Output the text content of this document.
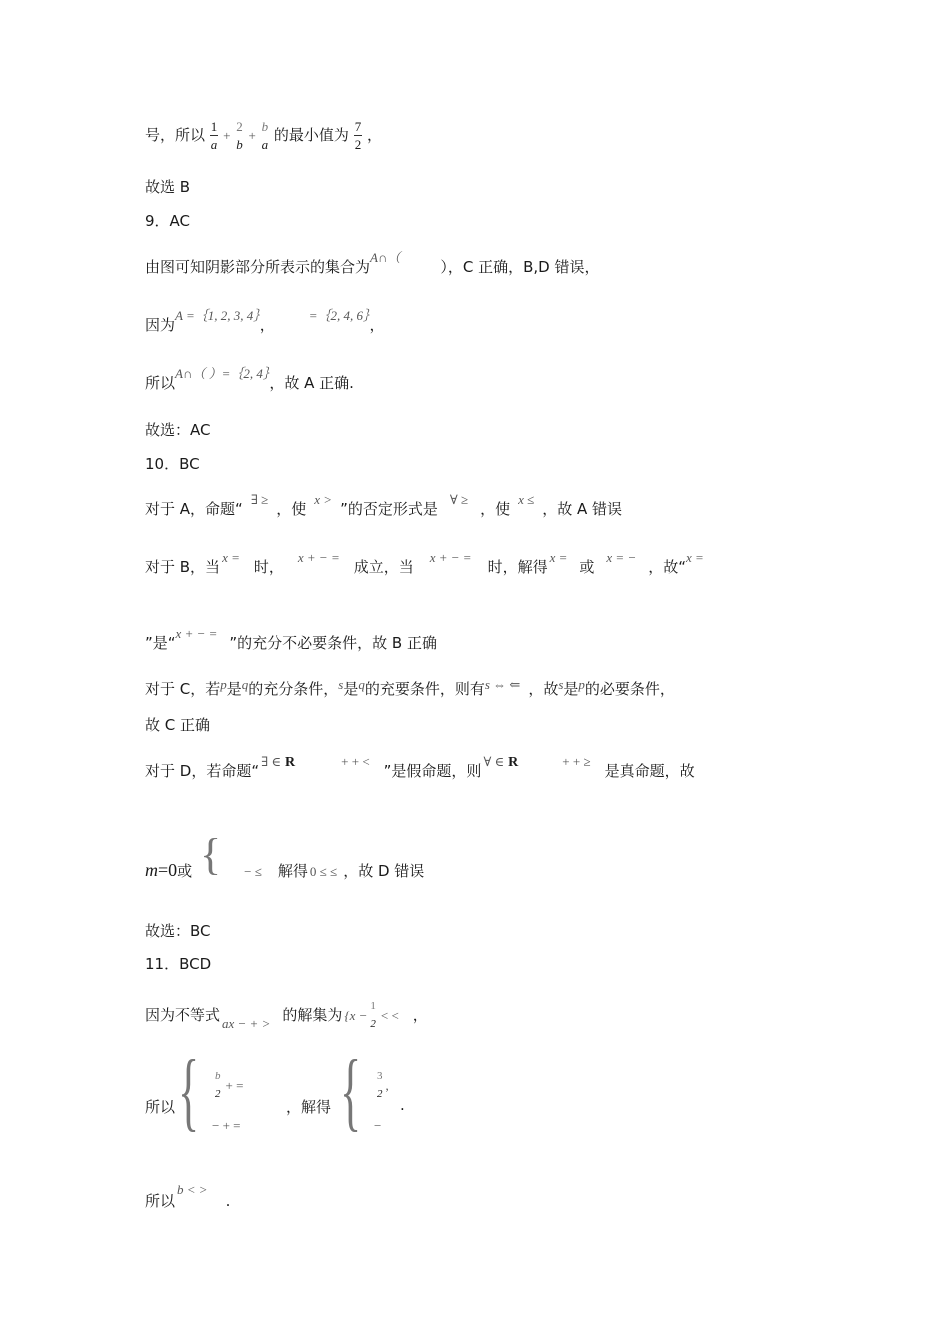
号，所以 $\frac{1}{a} + \frac{2}{b} + \frac{b}{a}$ 的最小值为 $\frac{7}{2}$ ，
故选 B
9．AC
由图可知阴影部分所表示的集合为A∩（），C 正确，B,D 错误，
因为A =｛1, 2, 3, 4｝，=｛2, 4, 6｝，
所以A∩（ ）=｛2, 4｝，故 A 正确.
故选：AC
10．BC
对于 A，命题“∃ ≥，使x >”的否定形式是∀ ≥，使x ≤，故 A 错误
对于 B，当x =时，x + − =成立，当x + − =时，解得x =或x = −，故“x =
”是“x + − =”的充分不必要条件，故 B 正确
对于 C，若p是q的充分条件，s是q的充要条件，则有s ⇔ ⇐ ，故s是p的必要条件，
故 C 正确
对于 D，若命题“∃ ∈ R	+ + <”是假命题，则∀ ∈ R	+ + ≥是真命题，故
{
m=0或	− ≤ 解得 0 ≤ ≤ ，故 D 错误
故选：BC
11．BCD
因为不等式 ax − + > 的解集为 {$x - \frac{1}{2}$ < < ，
{ {
所以
$\frac{b}{2}$ + =
− + =
，解得
$\frac{3}{2}$ ,
−
.
所以b < >.
